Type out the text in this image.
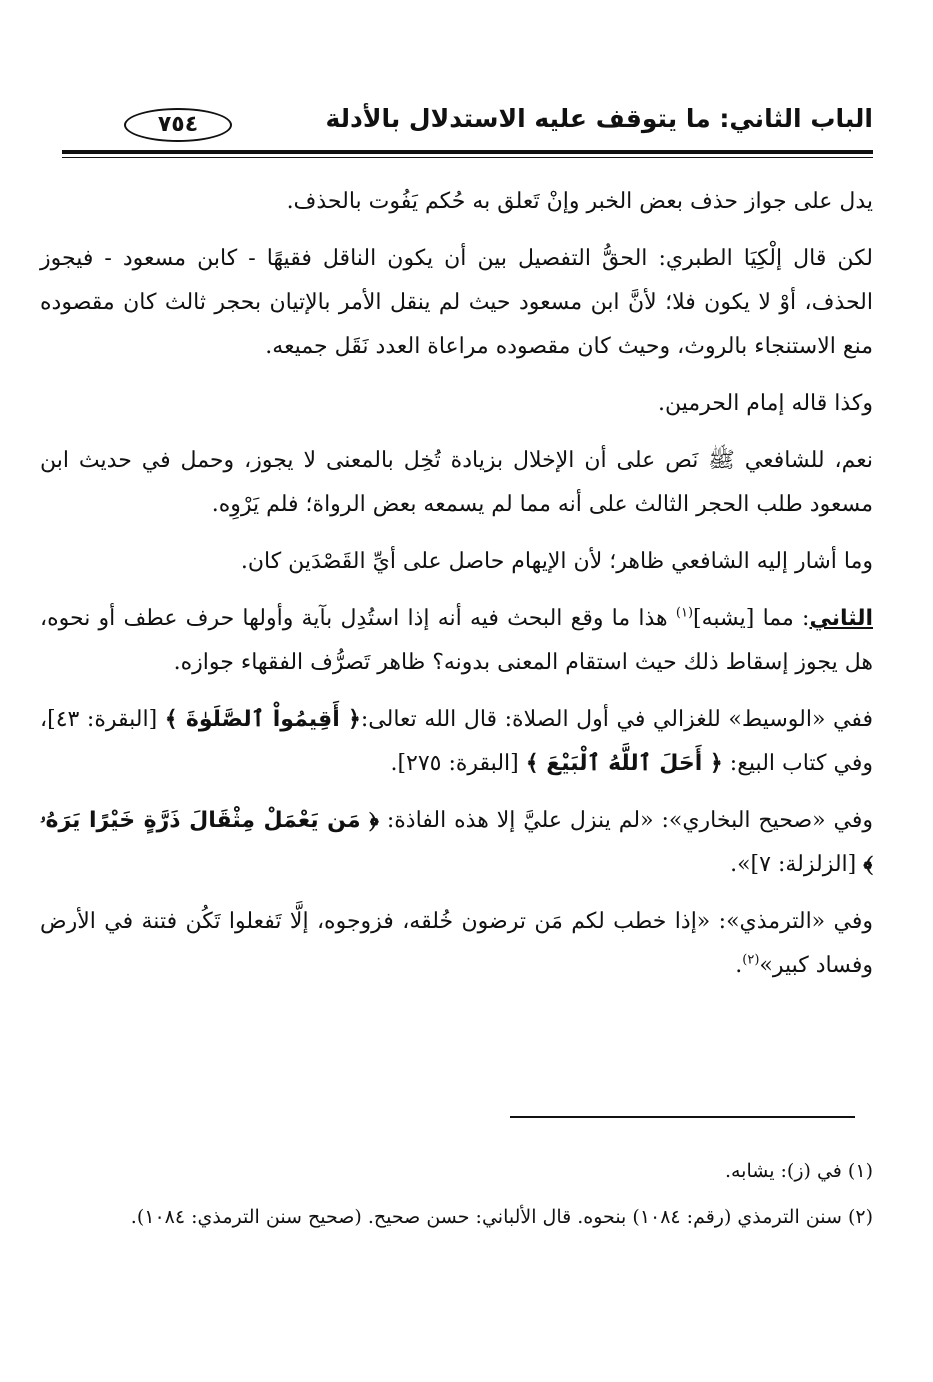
الباب الثاني: ما يتوقف عليه الاستدلال بالأدلة
٧٥٤

يدل على جواز حذف بعض الخبر وإنْ تَعلق به حُكم يَفُوت بالحذف.

لكن قال إلْكِيَا الطبري: الحقُّ التفصيل بين أن يكون الناقل فقيهًا - كابن مسعود - فيجوز الحذف، أوْ لا يكون فلا؛ لأنَّ ابن مسعود حيث لم ينقل الأمر بالإتيان بحجر ثالث كان مقصوده منع الاستنجاء بالروث، وحيث كان مقصوده مراعاة العدد نَقَل جميعه.

وكذا قاله إمام الحرمين.

نعم، للشافعي ﷺ نَص على أن الإخلال بزيادة تُخِل بالمعنى لا يجوز، وحمل في حديث ابن مسعود طلب الحجر الثالث على أنه مما لم يسمعه بعض الرواة؛ فلم يَرْوِه.

وما أشار إليه الشافعي ظاهر؛ لأن الإيهام حاصل على أيِّ القَصْدَين كان.

الثاني: مما [يشبه]$^{(١)}$ هذا ما وقع البحث فيه أنه إذا استُدِل بآية وأولها حرف عطف أو نحوه، هل يجوز إسقاط ذلك حيث استقام المعنى بدونه؟ ظاهر تَصرُّف الفقهاء جوازه.

ففي «الوسيط» للغزالي في أول الصلاة: قال الله تعالى:﴿ أَقِيمُواْ ٱلصَّلَوٰةَ ﴾ [البقرة: ٤٣]، وفي كتاب البيع: ﴿ أَحَلَ ٱللَّهُ ٱلْبَيْعَ ﴾ [البقرة: ٢٧٥].

وفي «صحيح البخاري»: «لم ينزل عليَّ إلا هذه الفاذة: ﴿ مَن يَعْمَلْ مِثْقَالَ ذَرَّةٍ خَيْرًا يَرَهُۥ ﴾ [الزلزلة: ٧]».

وفي «الترمذي»: «إذا خطب لكم مَن ترضون خُلقه، فزوجوه، إلَّا تَفعلوا تَكُن فتنة في الأرض وفساد كبير»$^{(٢)}$.

(١) في (ز): يشابه.

(٢) سنن الترمذي (رقم: ١٠٨٤) بنحوه. قال الألباني: حسن صحيح. (صحيح سنن الترمذي: ١٠٨٤).
